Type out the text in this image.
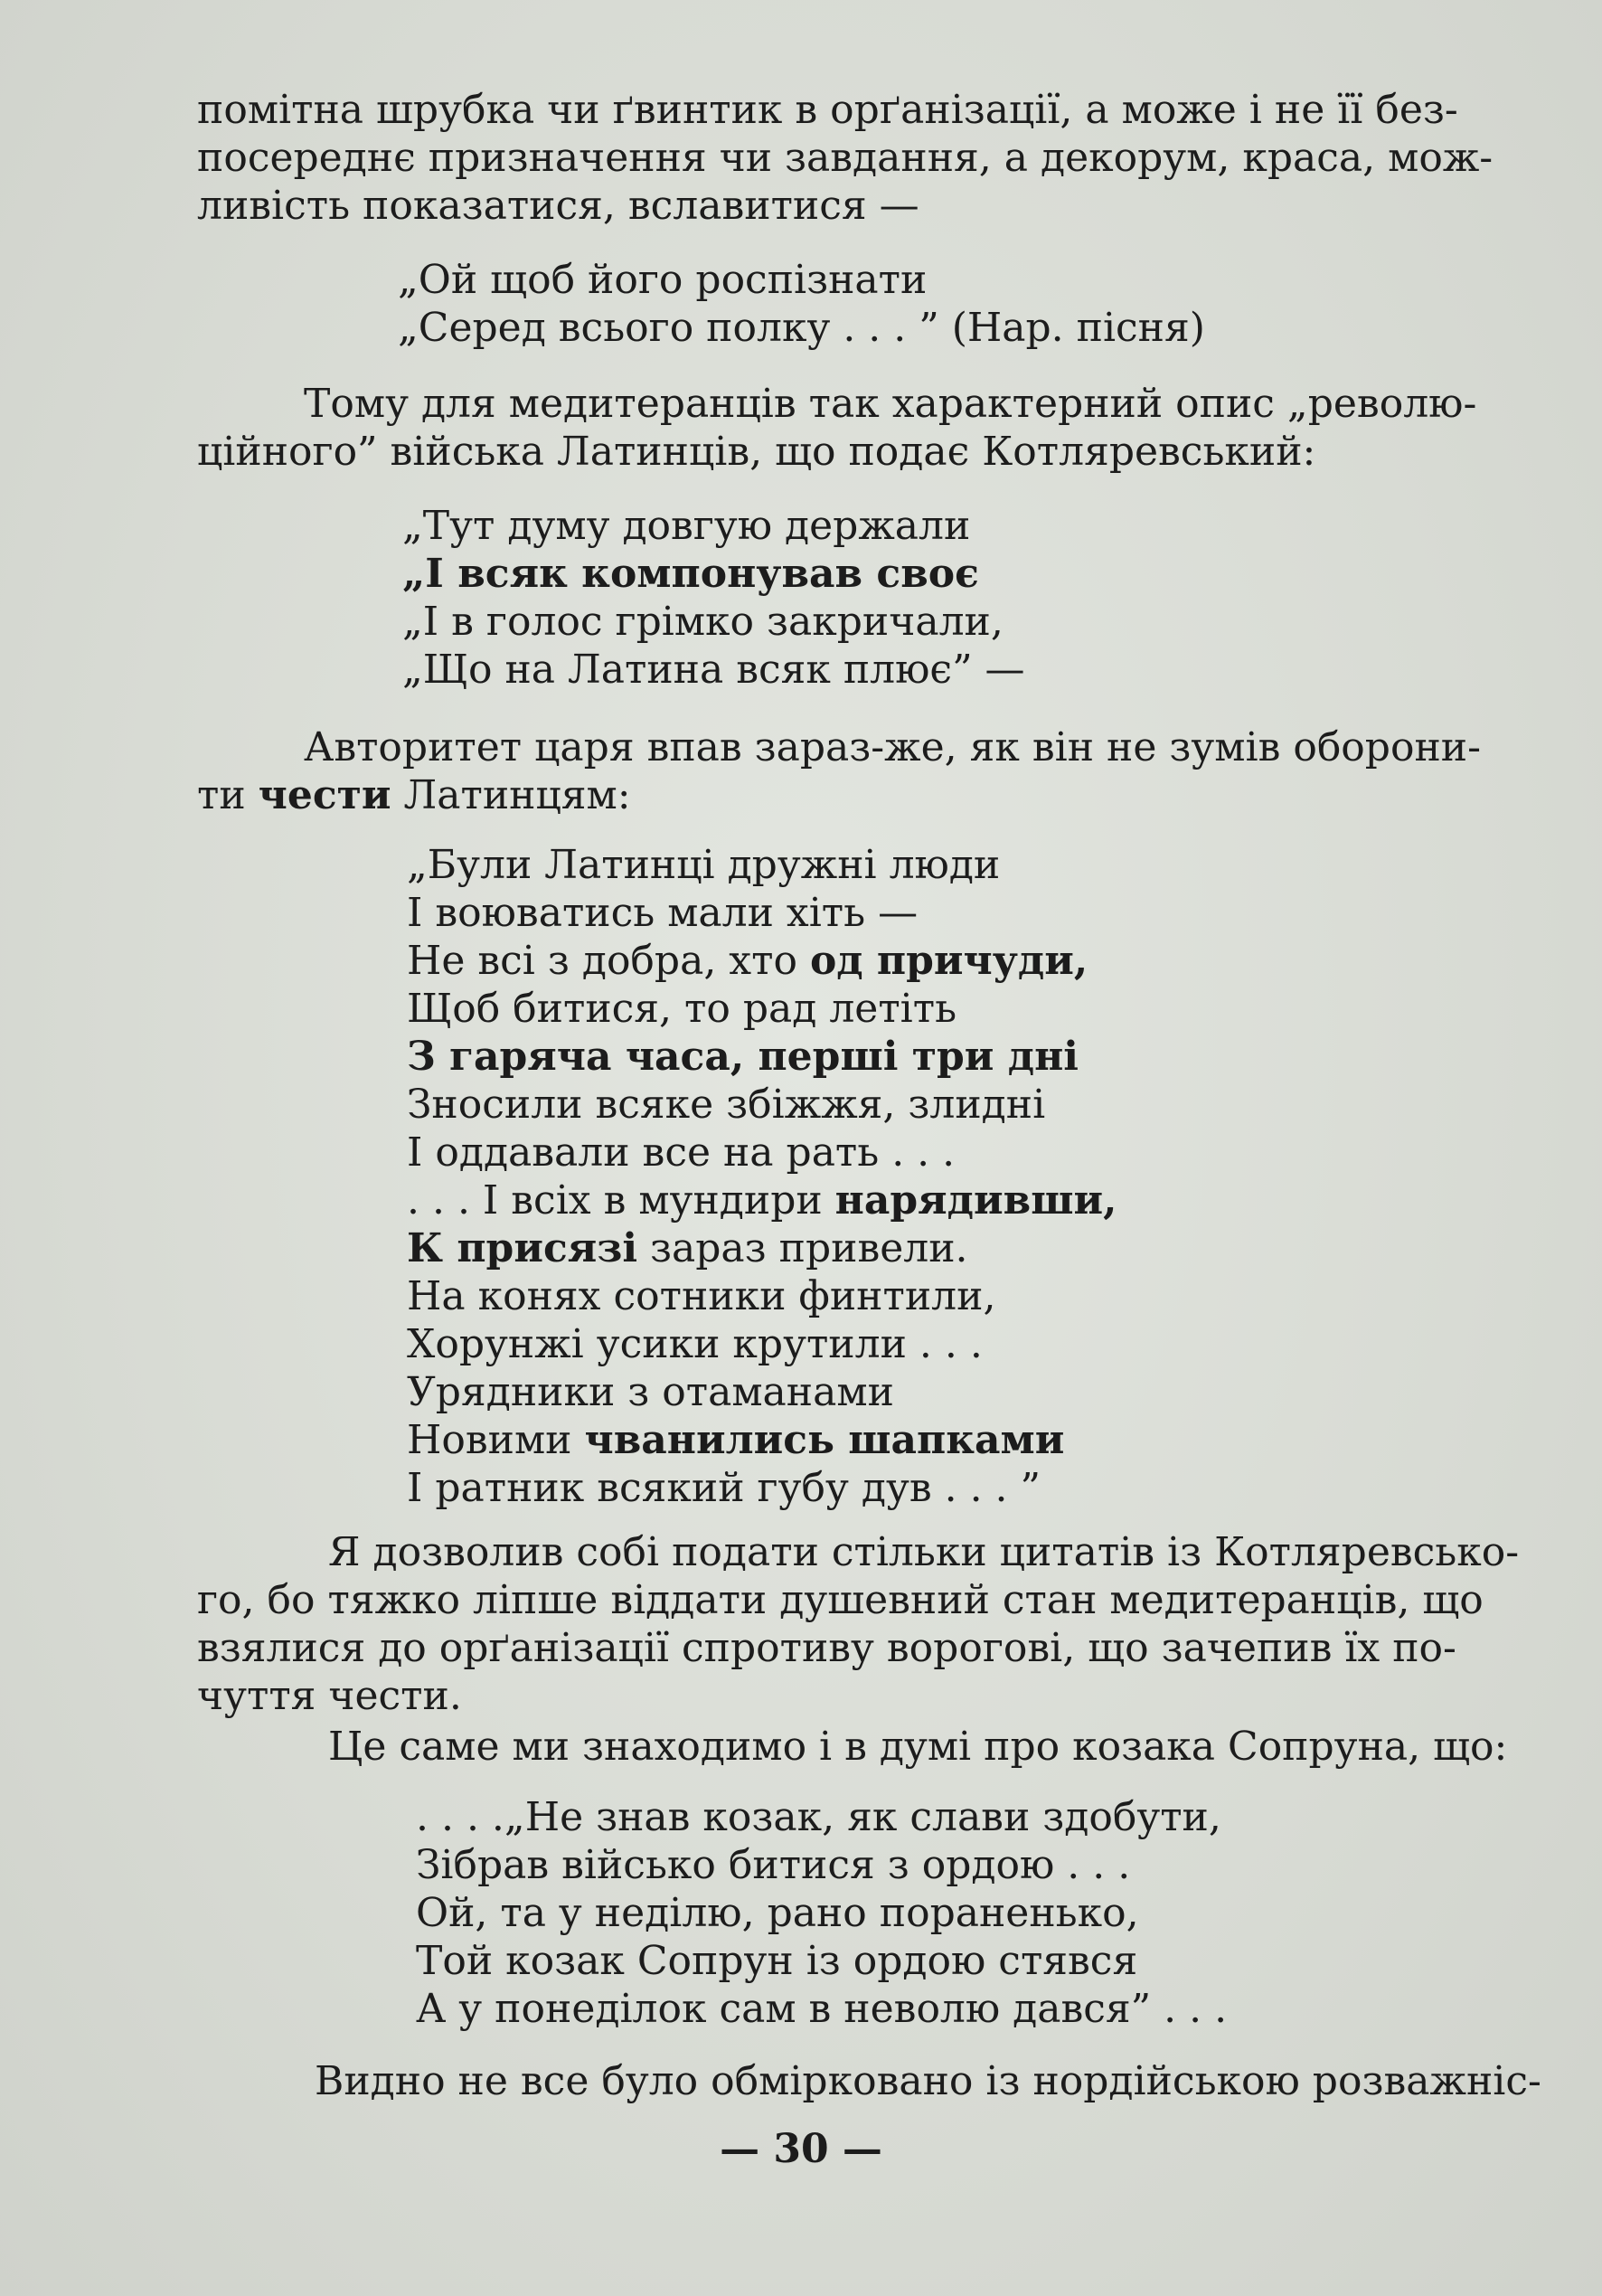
помітна шрубка чи ґвинтик в орґанізації, а може і не її без-
посереднє призначення чи завдання, а декорум, краса, мож-
ливість показатися, вславитися —

„Ой щоб його роспізнати
„Серед всього полку . . . ” (Нар. пісня)

Тому для медитеранців так характерний опис „револю-
ційного” війська Латинців, що подає Котляревський:

„Тут думу довгую держали
„І всяк компонував своє
„І в голос грімко закричали,
„Що на Латина всяк плює” —

Авторитет царя впав зараз-же, як він не зумів оборони-
ти чести Латинцям:

„Були Латинці дружні люди
І воюватись мали хіть —
Не всі з добра, хто од причуди,
Щоб битися, то рад летіть
З гаряча часа, перші три дні
Зносили всяке збіжжя, злидні
І оддавали все на рать . . .
. . . І всіх в мундири нарядивши,
К присязі зараз привели.
На конях сотники финтили,
Хорунжі усики крутили . . .
Урядники з отаманами
Новими чванились шапками
І ратник всякий губу дув . . . ”

Я дозволив собі подати стільки цитатів із Котляревсько-
го, бо тяжко ліпше віддати душевний стан медитеранців, що
взялися до орґанізації спротиву ворогові, що зачепив їх по-
чуття чести.

Це саме ми знаходимо і в думі про козака Сопруна, що:

. . . .„Не знав козак, як слави здобути,
Зібрав військо битися з ордою . . .
Ой, та у неділю, рано пораненько,
Той козак Сопрун із ордою стявся
А у понеділок сам в неволю дався” . . .

Видно не все було обмірковано із нордійською розважніс-

— 30 —
